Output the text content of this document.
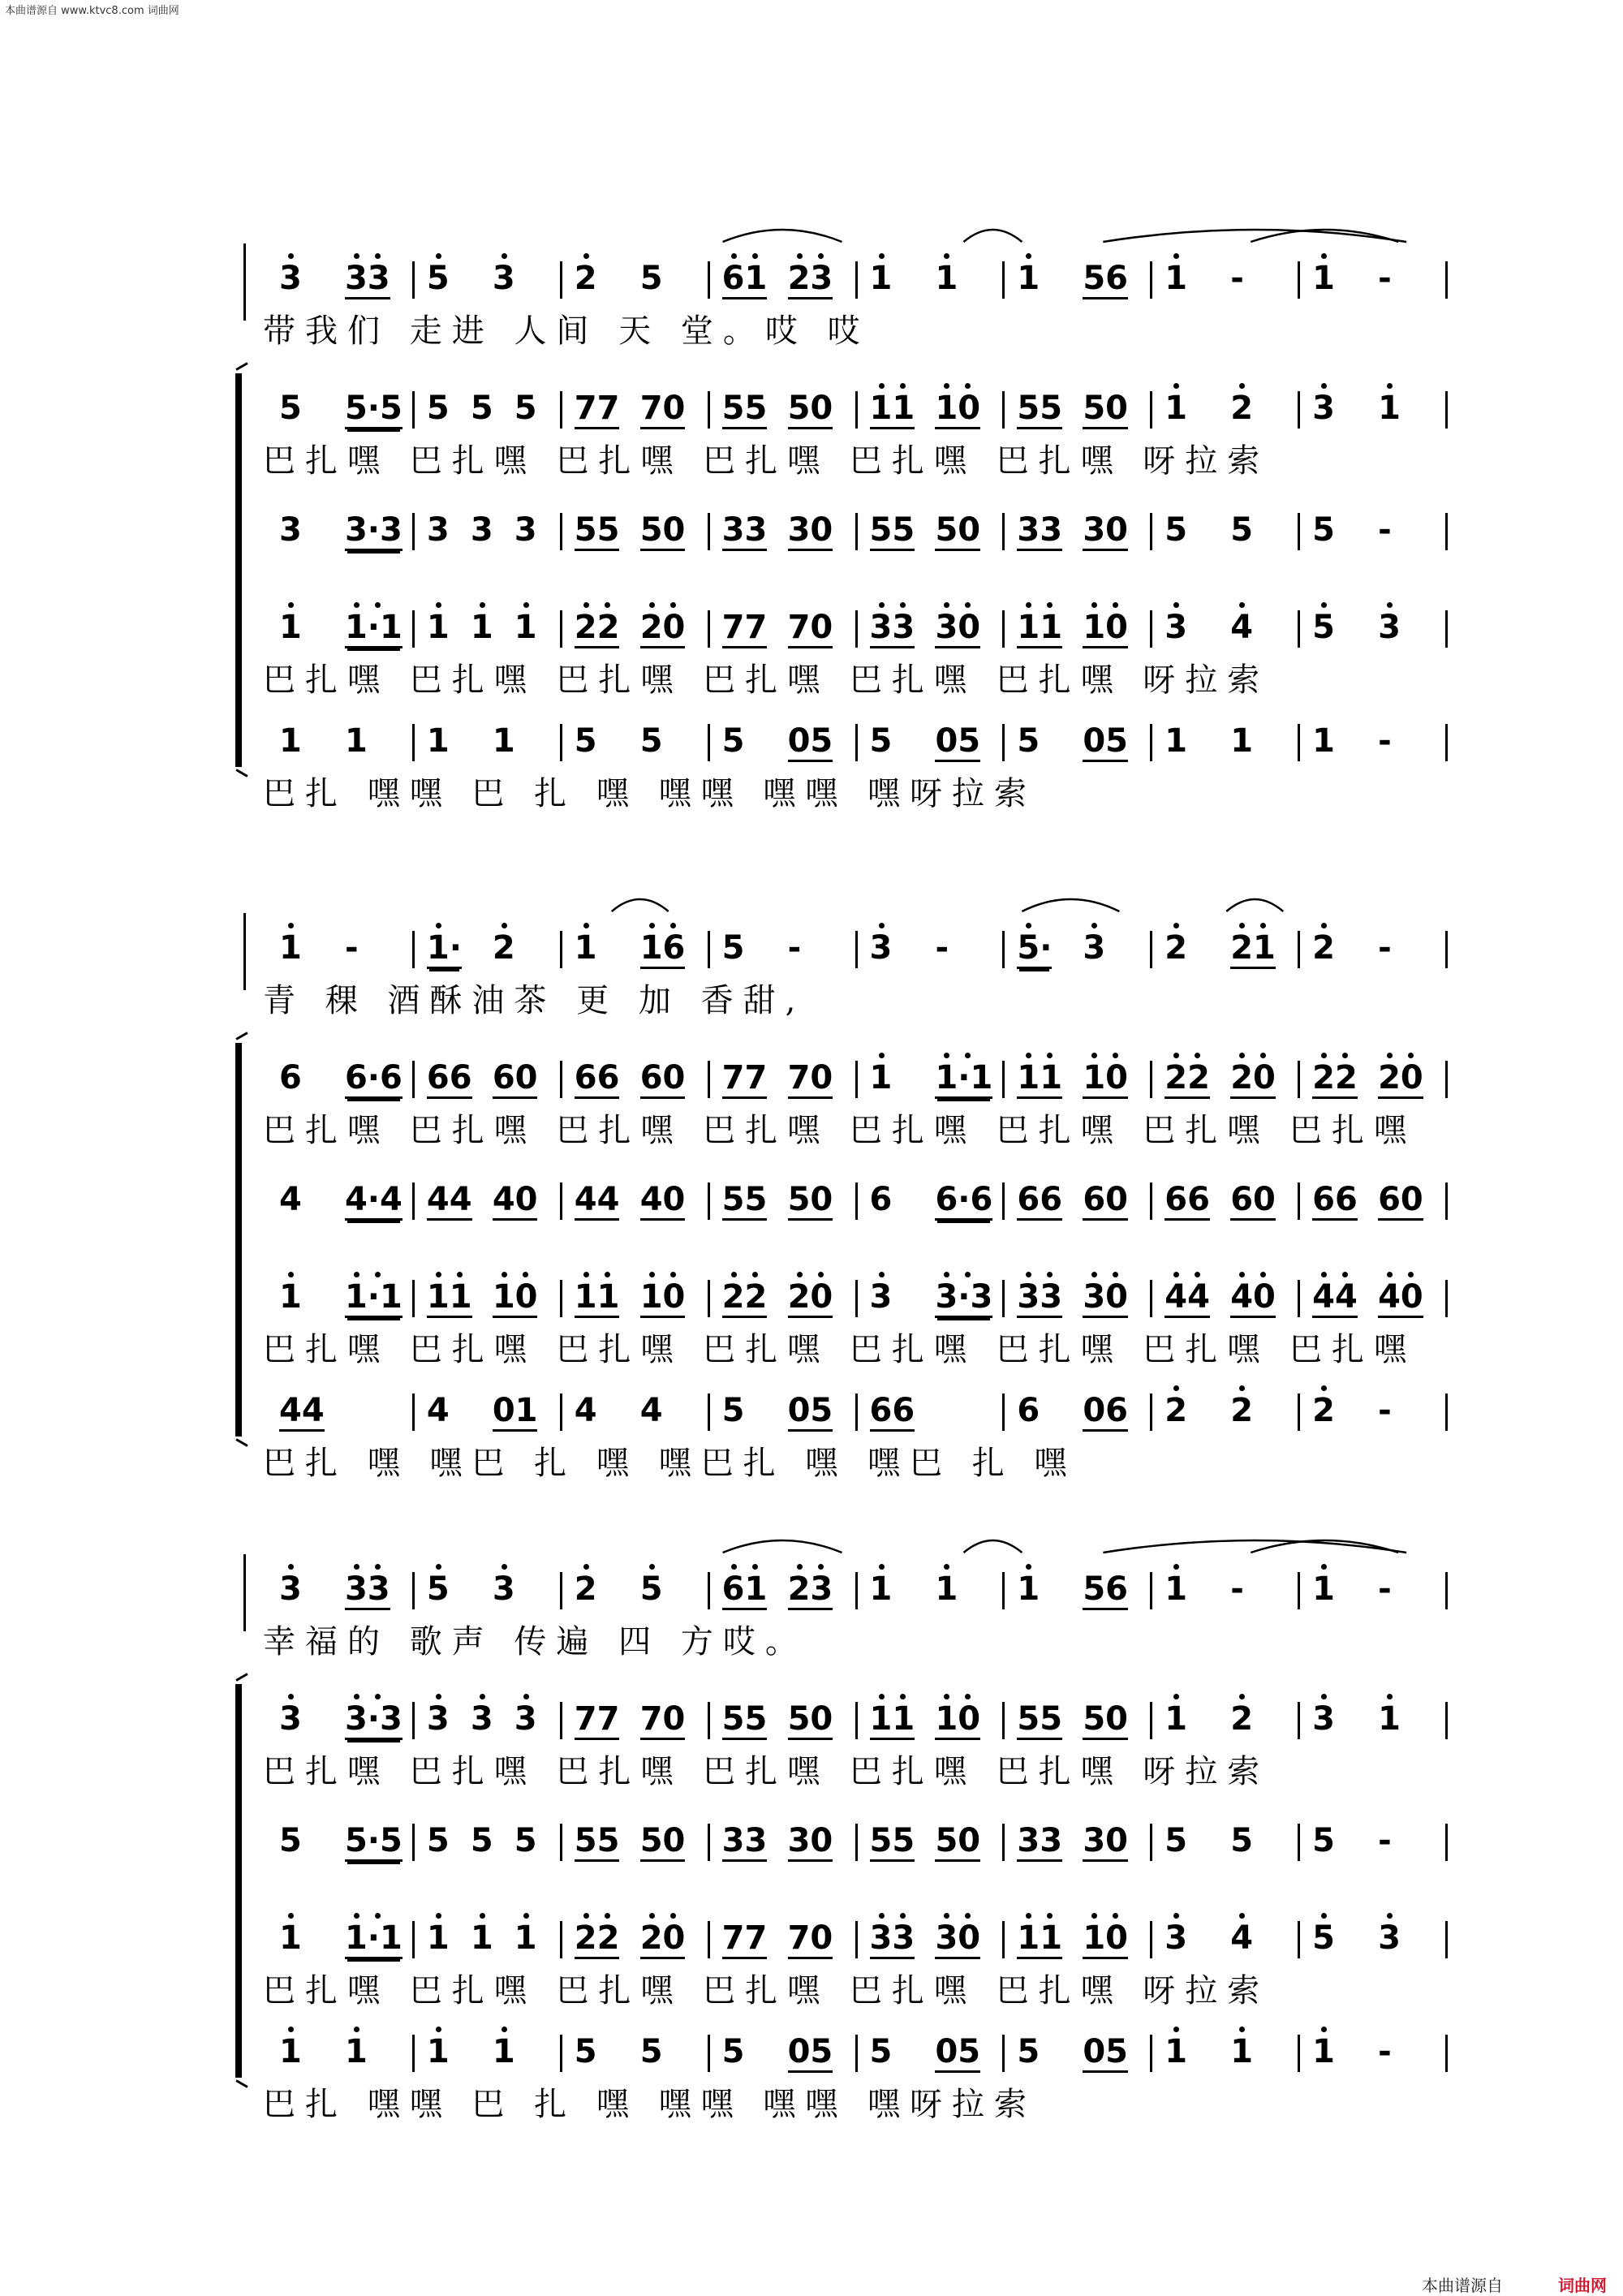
本曲谱源自 www.ktvc8.com 词曲网
3 33 5 3 2 5 61 23 1 1 1 56 1 - 1 -
带我们 走进 人间 天 堂。哎 哎
5 5·5 5 5 5 77 70 55 50 11 10 55 50 1 2 3 1
巴扎嘿 巴扎嘿 巴扎嘿 巴扎嘿 巴扎嘿 巴扎嘿 呀拉索
3 3·3 3 3 3 55 50 33 30 55 50 33 30 5 5 5 -
1 1·1 1 1 1 22 20 77 70 33 30 11 10 3 4 5 3
巴扎嘿 巴扎嘿 巴扎嘿 巴扎嘿 巴扎嘿 巴扎嘿 呀拉索
1 1 1 1 5 5 5 05 5 05 5 05 1 1 1 -
巴扎 嘿嘿 巴 扎 嘿 嘿嘿 嘿嘿 嘿呀拉索
1 - 1· 2 1 16 5 - 3 - 5· 3 2 21 2 -
青 稞 酒酥油茶 更 加 香甜,
6 6·6 66 60 66 60 77 70 1 1·1 11 10 22 20 22 20
巴扎嘿 巴扎嘿 巴扎嘿 巴扎嘿 巴扎嘿 巴扎嘿 巴扎嘿 巴扎嘿
4 4·4 44 40 44 40 55 50 6 6·6 66 60 66 60 66 60
1 1·1 11 10 11 10 22 20 3 3·3 33 30 44 40 44 40
巴扎嘿 巴扎嘿 巴扎嘿 巴扎嘿 巴扎嘿 巴扎嘿 巴扎嘿 巴扎嘿
44	4 01 4 4 5 05 66	6 06 2 2 2 -
巴扎 嘿 嘿巴 扎 嘿 嘿巴扎 嘿 嘿巴 扎 嘿
3 33 5 3 2 5 61 23 1 1 1 56 1 - 1 -
幸福的 歌声 传遍 四 方哎。
3 3·3 3 3 3 77 70 55 50 11 10 55 50 1 2 3 1
巴扎嘿 巴扎嘿 巴扎嘿 巴扎嘿 巴扎嘿 巴扎嘿 呀拉索
5 5·5 5 5 5 55 50 33 30 55 50 33 30 5 5 5 -
1 1·1 1 1 1 22 20 77 70 33 30 11 10 3 4 5 3
巴扎嘿 巴扎嘿 巴扎嘿 巴扎嘿 巴扎嘿 巴扎嘿 呀拉索
1 1 1 1 5 5 5 05 5 05 5 05 1 1 1 -
巴扎 嘿嘿 巴 扎 嘿 嘿嘿 嘿嘿 嘿呀拉索
本曲谱源自	词曲网
